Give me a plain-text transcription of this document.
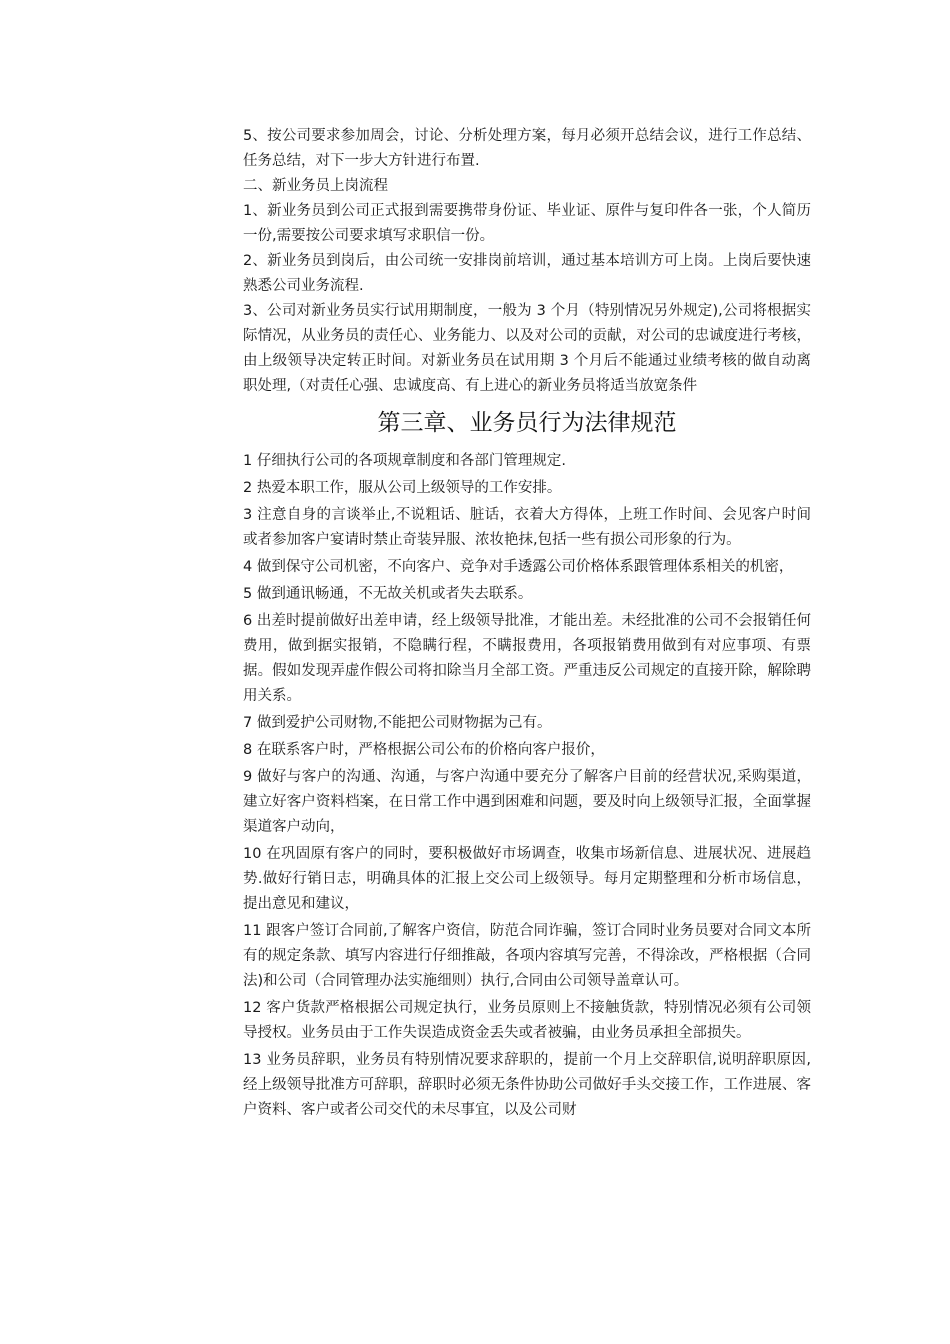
5、按公司要求参加周会，讨论、分析处理方案，每月必须开总结会议，进行工作总结、任务总结，对下一步大方针进行布置.

二、新业务员上岗流程

1、新业务员到公司正式报到需要携带身份证、毕业证、原件与复印件各一张，个人简历一份,需要按公司要求填写求职信一份。

2、新业务员到岗后，由公司统一安排岗前培训，通过基本培训方可上岗。上岗后要快速熟悉公司业务流程.

3、公司对新业务员实行试用期制度，一般为 3 个月（特别情况另外规定),公司将根据实际情况，从业务员的责任心、业务能力、以及对公司的贡献，对公司的忠诚度进行考核，由上级领导决定转正时间。对新业务员在试用期 3 个月后不能通过业绩考核的做自动离职处理,（对责任心强、忠诚度高、有上进心的新业务员将适当放宽条件

第三章、业务员行为法律规范

1 仔细执行公司的各项规章制度和各部门管理规定.

2 热爱本职工作，服从公司上级领导的工作安排。

3 注意自身的言谈举止,不说粗话、脏话，衣着大方得体，上班工作时间、会见客户时间或者参加客户宴请时禁止奇装异服、浓妆艳抹,包括一些有损公司形象的行为。

4 做到保守公司机密，不向客户、竞争对手透露公司价格体系跟管理体系相关的机密，

5 做到通讯畅通，不无故关机或者失去联系。

6 出差时提前做好出差申请，经上级领导批准，才能出差。未经批准的公司不会报销任何费用，做到据实报销，不隐瞒行程，不瞒报费用，各项报销费用做到有对应事项、有票据。假如发现弄虚作假公司将扣除当月全部工资。严重违反公司规定的直接开除，解除聘用关系。

7 做到爱护公司财物,不能把公司财物据为己有。

8 在联系客户时，严格根据公司公布的价格向客户报价，

9 做好与客户的沟通、沟通，与客户沟通中要充分了解客户目前的经营状况,采购渠道，建立好客户资料档案，在日常工作中遇到困难和问题，要及时向上级领导汇报，全面掌握渠道客户动向，

10 在巩固原有客户的同时，要积极做好市场调查，收集市场新信息、进展状况、进展趋势.做好行销日志，明确具体的汇报上交公司上级领导。每月定期整理和分析市场信息，提出意见和建议，

11 跟客户签订合同前,了解客户资信，防范合同诈骗，签订合同时业务员要对合同文本所有的规定条款、填写内容进行仔细推敲，各项内容填写完善，不得涂改，严格根据（合同法)和公司（合同管理办法实施细则）执行,合同由公司领导盖章认可。

12 客户货款严格根据公司规定执行，业务员原则上不接触货款，特别情况必须有公司领导授权。业务员由于工作失误造成资金丢失或者被骗，由业务员承担全部损失。

13 业务员辞职，业务员有特别情况要求辞职的，提前一个月上交辞职信,说明辞职原因,经上级领导批准方可辞职，辞职时必须无条件协助公司做好手头交接工作，工作进展、客户资料、客户或者公司交代的未尽事宜，以及公司财
